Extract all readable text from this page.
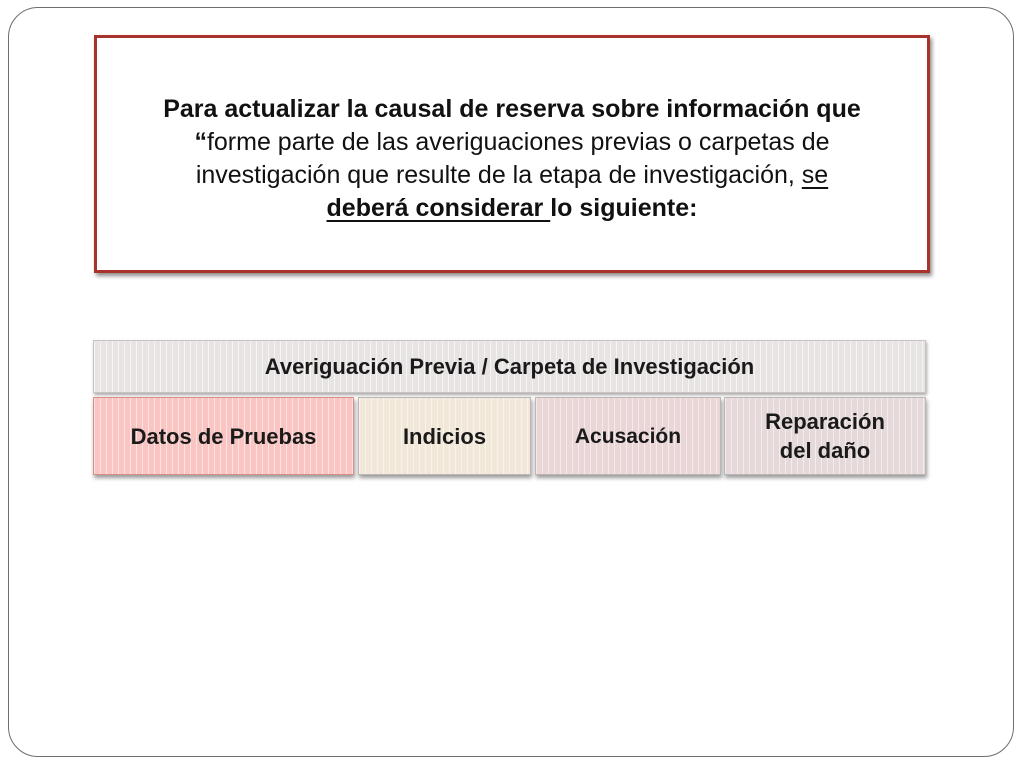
Para actualizar la causal de reserva sobre información que
“forme parte de las averiguaciones previas o carpetas de
investigación que resulte de la etapa de investigación, se
deberá considerar lo siguiente:
Averiguación Previa / Carpeta de Investigación
Datos de Pruebas	Indicios	Acusación
Reparación
del daño
